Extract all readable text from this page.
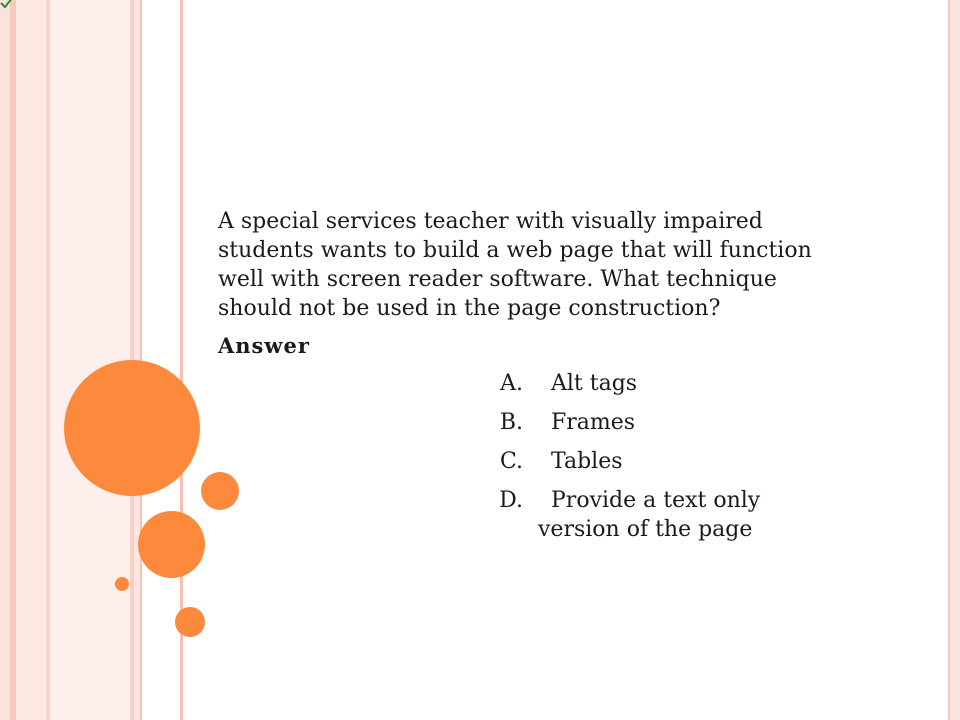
A special services teacher with visually impaired
students wants to build a web page that will function
well with screen reader software. What technique
should not be used in the page construction?
Answer
A. Alt tags
B. Frames
C. Tables
D.	Provide a text only
version of the page
